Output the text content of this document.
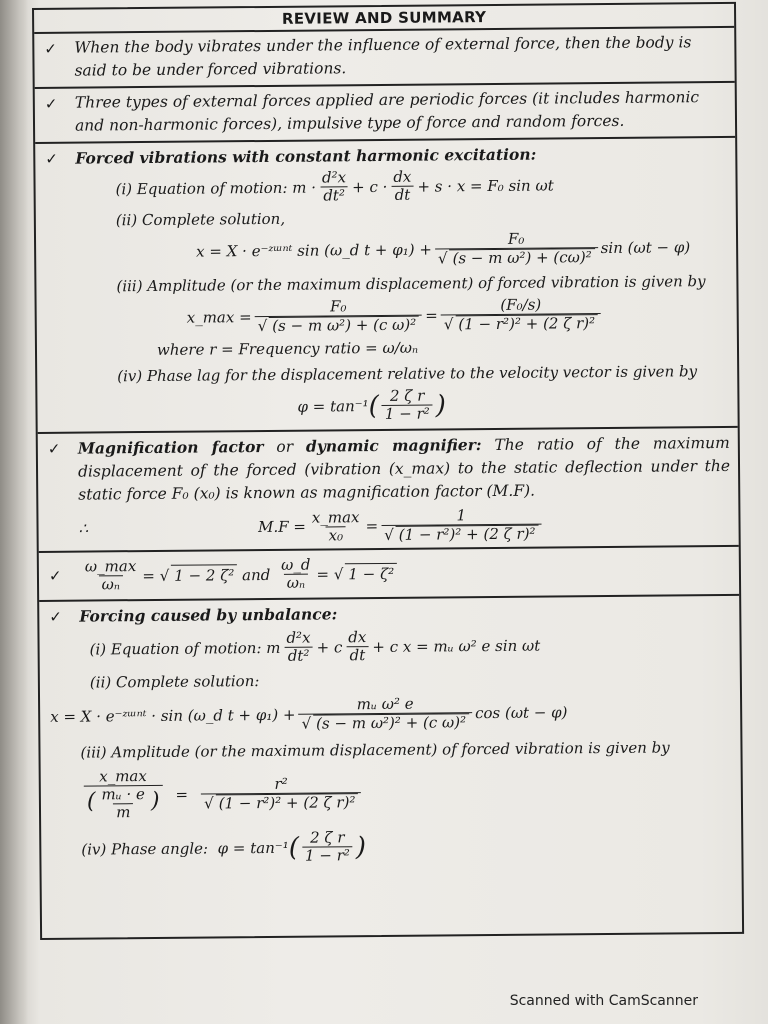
REVIEW AND SUMMARY
✓ When the body vibrates under the influence of external force, then the body is said to be under forced vibrations.
✓ Three types of external forces applied are periodic forces (it includes harmonic and non-harmonic forces), impulsive type of force and random forces.
✓ Forced vibrations with constant harmonic excitation:
(i) Equation of motion:
$m \cdot \frac{\text{d²x}}{\text{dt²}} + c \cdot \frac{dx}{dt} + s \cdot x = F_0$ sin ωt
(ii) Complete solution,
x = X · e⁻ᶻᵚⁿᵗ sin (ω_d $t + \varphi_1) + \frac{\text{F₀}}{\text{√ (s − m ω²) + (cω)²}}$ sin (ωt − φ)
(iii) Amplitude (or the maximum displacement) of forced vibration is given by
x_max = $\frac{\text{F₀}}{\text{√ (s − m ω²) + (c ω)²}} = \frac{\text{(F₀/s)}}{\text{√ (1 − r²)² + (2 ζ r)²}}$
where r = Frequency ratio = ω/ωₙ
(iv) Phase lag for the displacement relative to the velocity vector is given by
φ = tan⁻¹ ( $\frac{\text{2 ζ r}}{\text{1 − r²}}$ )
✓ Magnification factor or dynamic magnifier: The ratio of the maximum displacement of the forced (vibration (x_max) to the static deflection under the static force F₀ (x₀) is known as magnification factor (M.F).
∴	$M.F = \frac{x\_\max}{\text{x₀}} = \frac{1}{\text{√ (1 − r²)² + (2 ζ r)²}}$
✓ $\frac{\omega\_\max}{\text{ωₙ}}$ =
√ 1 − 2 ζ²
and
$\frac{\omega\_d}{\text{ωₙ}}$ =
√ 1 − ζ²
✓ Forcing caused by unbalance:
(i) Equation of motion:
m $\frac{\text{d²x}}{\text{dt²}} + c \frac{dx}{dt} + c$ x = mᵤ ω² e sin ωt
(ii) Complete solution:
x = X · e⁻ᶻᵚⁿᵗ · sin (ω_d $t + \varphi_1) + \frac{\text{mᵤ ω² e}}{\text{√ (s − m ω²)² + (c ω)²}}$ cos (ωt − φ)
(iii) Amplitude (or the maximum displacement) of forced vibration is given by
$\frac{x\_\max}{( \frac{\text{mᵤ · e}}{m} )} = \frac{\text{r²}}{\text{√ (1 − r²)² + (2 ζ r)²}}$
(iv) Phase angle:
φ = tan⁻¹ ( $\frac{\text{2 ζ r}}{\text{1 − r²}}$ )
Scanned with CamScanner
